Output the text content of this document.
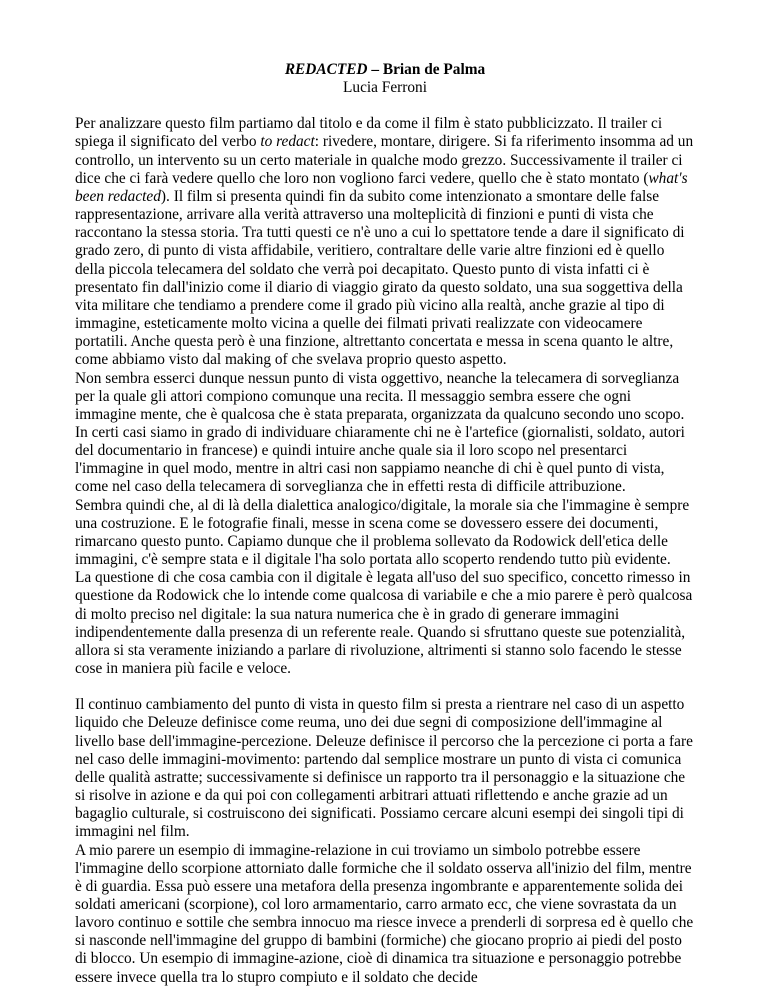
REDACTED – Brian de Palma
Lucia Ferroni

Per analizzare questo film partiamo dal titolo e da come il film è stato pubblicizzato. Il trailer ci spiega il significato del verbo to redact: rivedere, montare, dirigere. Si fa riferimento insomma ad un controllo, un intervento su un certo materiale in qualche modo grezzo. Successivamente il trailer ci dice che ci farà vedere quello che loro non vogliono farci vedere, quello che è stato montato (what's been redacted). Il film si presenta quindi fin da subito come intenzionato a smontare delle false rappresentazione, arrivare alla verità attraverso una molteplicità di finzioni e punti di vista che raccontano la stessa storia. Tra tutti questi ce n'è uno a cui lo spettatore tende a dare il significato di grado zero, di punto di vista affidabile, veritiero, contraltare delle varie altre finzioni ed è quello della piccola telecamera del soldato che verrà poi decapitato. Questo punto di vista infatti ci è presentato fin dall'inizio come il diario di viaggio girato da questo soldato, una sua soggettiva della vita militare che tendiamo a prendere come il grado più vicino alla realtà, anche grazie al tipo di immagine, esteticamente molto vicina a quelle dei filmati privati realizzate con videocamere portatili. Anche questa però è una finzione, altrettanto concertata e messa in scena quanto le altre, come abbiamo visto dal making of che svelava proprio questo aspetto.

Non sembra esserci dunque nessun punto di vista oggettivo, neanche la telecamera di sorveglianza per la quale gli attori compiono comunque una recita. Il messaggio sembra essere che ogni immagine mente, che è qualcosa che è stata preparata, organizzata da qualcuno secondo uno scopo. In certi casi siamo in grado di individuare chiaramente chi ne è l'artefice (giornalisti, soldato, autori del documentario in francese) e quindi intuire anche quale sia il loro scopo nel presentarci l'immagine in quel modo, mentre in altri casi non sappiamo neanche di chi è quel punto di vista, come nel caso della telecamera di sorveglianza che in effetti resta di difficile attribuzione.

Sembra quindi che, al di là della dialettica analogico/digitale, la morale sia che l'immagine è sempre una costruzione. E le fotografie finali, messe in scena come se dovessero essere dei documenti, rimarcano questo punto. Capiamo dunque che il problema sollevato da Rodowick dell'etica delle immagini, c'è sempre stata e il digitale l'ha solo portata allo scoperto rendendo tutto più evidente.

La questione di che cosa cambia con il digitale è legata all'uso del suo specifico, concetto rimesso in questione da Rodowick che lo intende come qualcosa di variabile e che a mio parere è però qualcosa di molto preciso nel digitale: la sua natura numerica che è in grado di generare immagini indipendentemente dalla presenza di un referente reale. Quando si sfruttano queste sue potenzialità, allora si sta veramente iniziando a parlare di rivoluzione, altrimenti si stanno solo facendo le stesse cose in maniera più facile e veloce.

Il continuo cambiamento del punto di vista in questo film si presta a rientrare nel caso di un aspetto liquido che Deleuze definisce come reuma, uno dei due segni di composizione dell'immagine al livello base dell'immagine-percezione. Deleuze definisce il percorso che la percezione ci porta a fare nel caso delle immagini-movimento: partendo dal semplice mostrare un punto di vista ci comunica delle qualità astratte; successivamente si definisce un rapporto tra il personaggio e la situazione che si risolve in azione e da qui poi con collegamenti arbitrari attuati riflettendo e anche grazie ad un bagaglio culturale, si costruiscono dei significati. Possiamo cercare alcuni esempi dei singoli tipi di immagini nel film.

A mio parere un esempio di immagine-relazione in cui troviamo un simbolo potrebbe essere l'immagine dello scorpione attorniato dalle formiche che il soldato osserva all'inizio del film, mentre è di guardia. Essa può essere una metafora della presenza ingombrante e apparentemente solida dei soldati americani (scorpione), col loro armamentario, carro armato ecc, che viene sovrastata da un lavoro continuo e sottile che sembra innocuo ma riesce invece a prenderli di sorpresa ed è quello che si nasconde nell'immagine del gruppo di bambini (formiche) che giocano proprio ai piedi del posto di blocco. Un esempio di immagine-azione, cioè di dinamica tra situazione e personaggio potrebbe essere invece quella tra lo stupro compiuto e il soldato che decide
